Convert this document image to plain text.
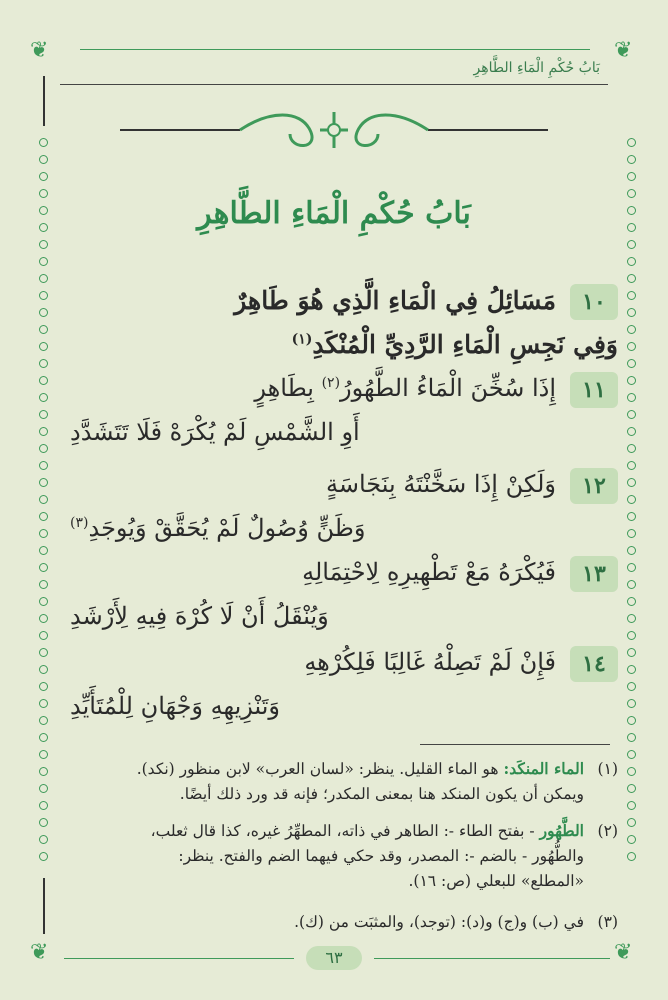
❦	❦
بَابُ حُكْمِ الْمَاءِ الطَّاهِرِ
بَابُ حُكْمِ الْمَاءِ الطَّاهِرِ
١٠
مَسَائِلُ فِي الْمَاءِ الَّذِي هُوَ طَاهِرٌ
وَفِي نَجِسِ الْمَاءِ الرَّدِيِّ الْمُنْكَدِ$^{(١)}$
١١
إِذَا سُخِّنَ الْمَاءُ الطَّهُورُ$^{(٢)}$ بِطَاهِرٍ
أَوِ الشَّمْسِ لَمْ يُكْرَهْ فَلَا تَتَشَدَّدِ
١٢
وَلَكِنْ إِذَا سَخَّنْتَهُ بِنَجَاسَةٍ
وَظَنٍّ وُصُولٌ لَمْ يُحَقَّقْ وَيُوجَدِ$^{(٣)}$
١٣
فَيُكْرَهُ مَعْ تَطْهِيرِهِ لِاحْتِمَالِهِ
وَيُنْقَلُ أَنْ لَا كُرْهَ فِيهِ لِأَرْشَدِ
١٤
فَإِنْ لَمْ تَصِلْهُ غَالِبًا فَلِكُرْهِهِ
وَتَنْزِيهِهِ وَجْهَانِ لِلْمُتَأَيِّدِ
(١)الماء المنكَد: هو الماء القليل. ينظر: «لسان العرب» لابن منظور (نكد).
ويمكن أن يكون المنكد هنا بمعنى المكدر؛ فإنه قد ورد ذلك أيضًا.
(٢)الطَّهُور - بفتح الطاء -: الطاهر في ذاته، المطهِّرُ غيره، كذا قال ثعلب،
والطُّهُور - بالضم -: المصدر، وقد حكي فيهما الضم والفتح. ينظر:
«المطلع» للبعلي (ص: ١٦).
(٣)في (ب) و(ج) و(د): (توجد)، والمثبَت من (ك).
٦٣
❦	❦
